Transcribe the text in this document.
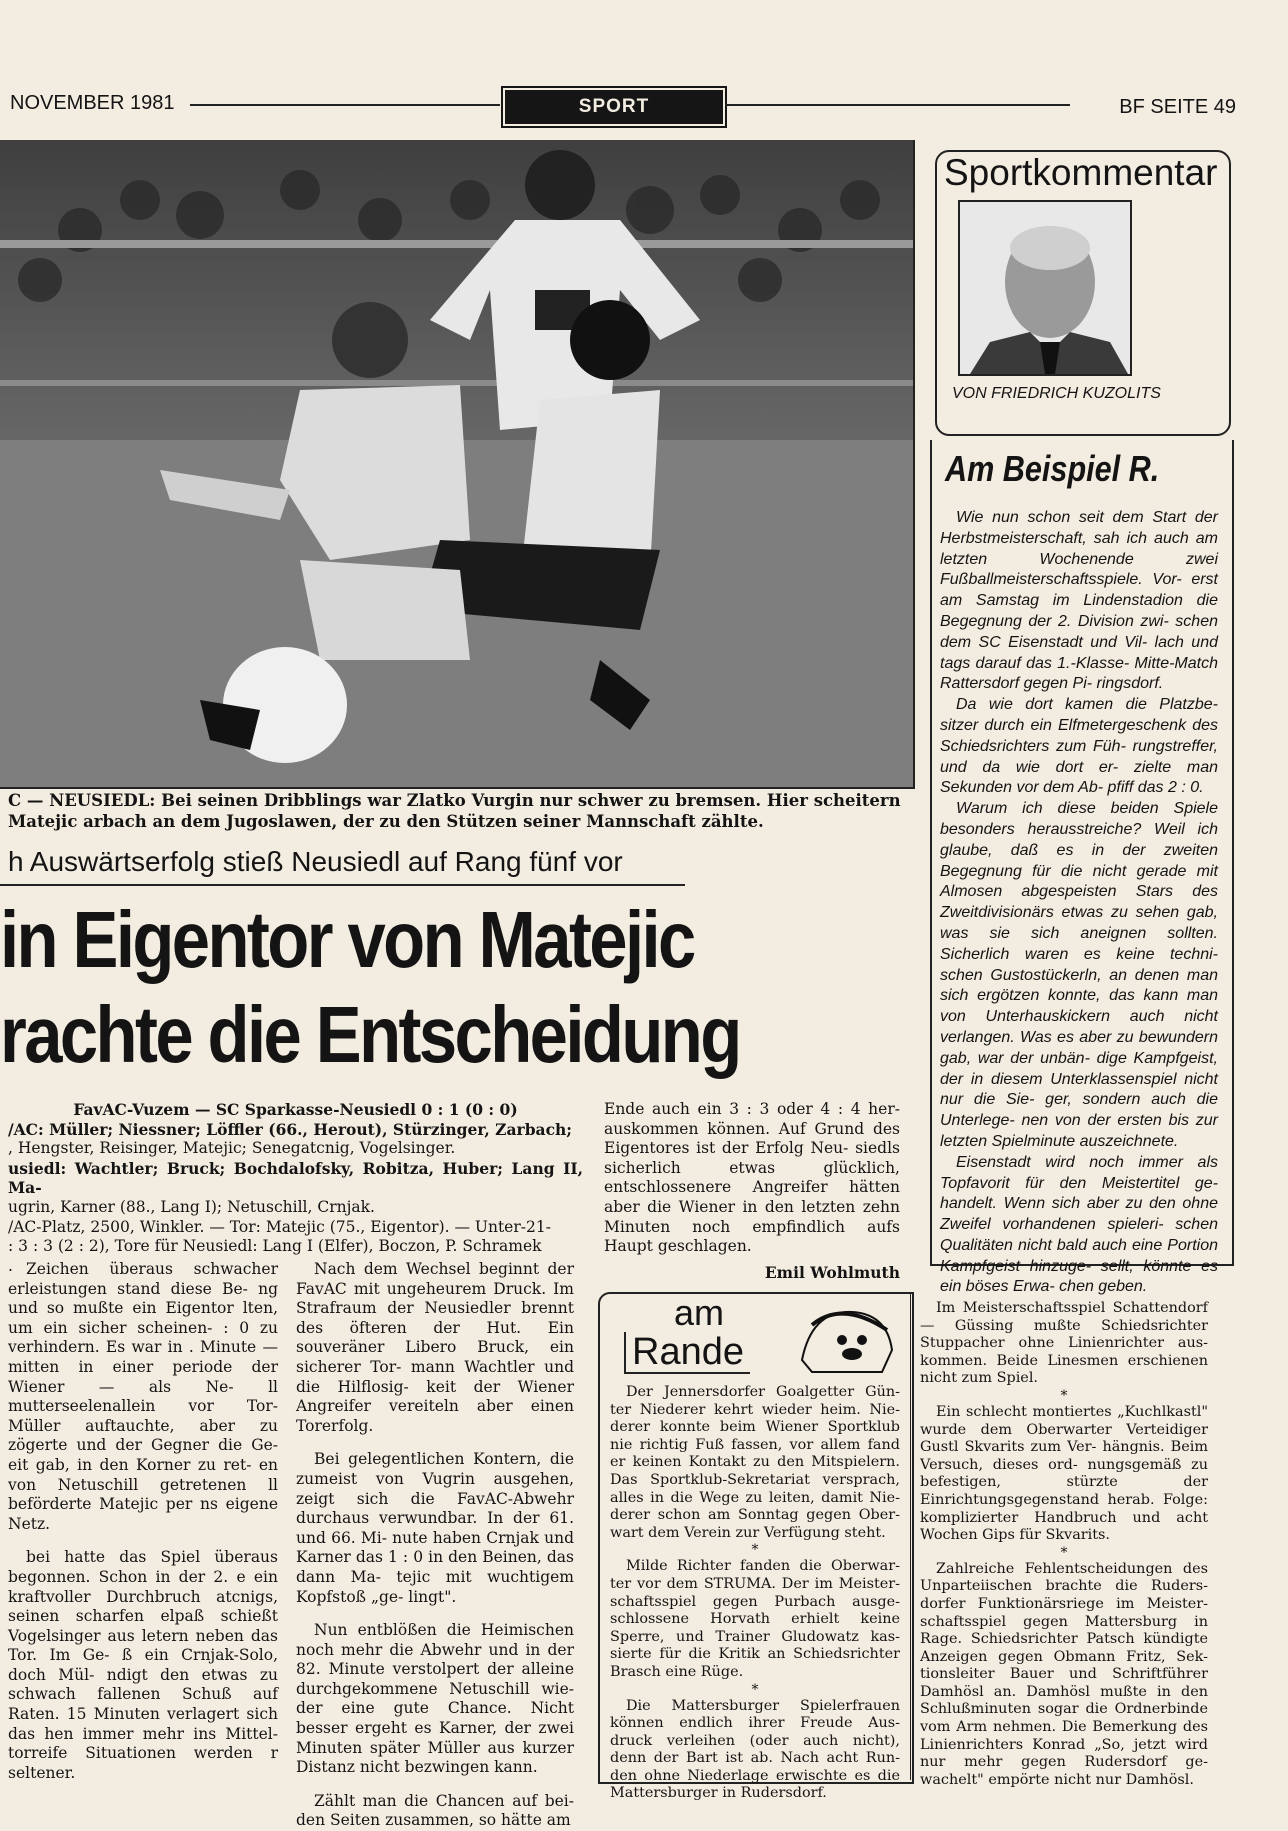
NOVEMBER 1981	SPORT	BF SEITE 49
C — NEUSIEDL: Bei seinen Dribblings war Zlatko Vurgin nur schwer zu bremsen. Hier scheitern Matejic arbach an dem Jugoslawen, der zu den Stützen seiner Mannschaft zählte.
h Auswärtserfolg stieß Neusiedl auf Rang fünf vor
in Eigentor von Matejic
rachte die Entscheidung
FavAC-Vuzem — SC Sparkasse-Neusiedl 0 : 1 (0 : 0)
/AC: Müller; Niessner; Löffler (66., Herout), Stürzinger, Zarbach;
, Hengster, Reisinger, Matejic; Senegatcnig, Vogelsinger.
usiedl: Wachtler; Bruck; Bochdalofsky, Robitza, Huber; Lang II, Ma-
ugrin, Karner (88., Lang I); Netuschill, Crnjak.
/AC-Platz, 2500, Winkler. — Tor: Matejic (75., Eigentor). — Unter-21-
: 3 : 3 (2 : 2), Tore für Neusiedl: Lang I (Elfer), Boczon, P. Schramek
. Zeichen überaus schwacher erleistungen stand diese Be- ng und so mußte ein Eigentor lten, um ein sicher scheinen- : 0 zu verhindern. Es war in . Minute — mitten in einer periode der Wiener — als Ne- ll mutterseelenallein vor Tor- Müller auftauchte, aber zu zögerte und der Gegner die Ge- eit gab, in den Korner zu ret- en von Netuschill getretenen ll beförderte Matejic per ns eigene Netz.

bei hatte das Spiel überaus begonnen. Schon in der 2. e ein kraftvoller Durchbruch atcnigs, seinen scharfen elpaß schießt Vogelsinger aus letern neben das Tor. Im Ge- ß ein Crnjak-Solo, doch Mül- ndigt den etwas zu schwach fallenen Schuß auf Raten. 15 Minuten verlagert sich das hen immer mehr ins Mittel- torreife Situationen werden r seltener.

Nach dem Wechsel beginnt der FavAC mit ungeheurem Druck. Im Strafraum der Neusiedler brennt des öfteren der Hut. Ein souveräner Libero Bruck, ein sicherer Tor- mann Wachtler und die Hilflosig- keit der Wiener Angreifer vereiteln aber einen Torerfolg.

Bei gelegentlichen Kontern, die zumeist von Vugrin ausgehen, zeigt sich die FavAC-Abwehr durchaus verwundbar. In der 61. und 66. Mi- nute haben Crnjak und Karner das 1 : 0 in den Beinen, das dann Ma- tejic mit wuchtigem Kopfstoß „ge- lingt".

Nun entblößen die Heimischen noch mehr die Abwehr und in der 82. Minute verstolpert der alleine durchgekommene Netuschill wie- der eine gute Chance. Nicht besser ergeht es Karner, der zwei Minuten später Müller aus kurzer Distanz nicht bezwingen kann.

Zählt man die Chancen auf bei- den Seiten zusammen, so hätte am

Ende auch ein 3 : 3 oder 4 : 4 her- auskommen können. Auf Grund des Eigentores ist der Erfolg Neu- siedls sicherlich etwas glücklich, entschlossenere Angreifer hätten aber die Wiener in den letzten zehn Minuten noch empfindlich aufs Haupt geschlagen.

Emil Wohlmuth
Sportkommentar
VON FRIEDRICH KUZOLITS
Am Beispiel R.

Wie nun schon seit dem Start der Herbstmeisterschaft, sah ich auch am letzten Wochenende zwei Fußballmeisterschaftsspiele. Vor- erst am Samstag im Lindenstadion die Begegnung der 2. Division zwi- schen dem SC Eisenstadt und Vil- lach und tags darauf das 1.-Klasse- Mitte-Match Rattersdorf gegen Pi- ringsdorf.

Da wie dort kamen die Platzbe- sitzer durch ein Elfmetergeschenk des Schiedsrichters zum Füh- rungstreffer, und da wie dort er- zielte man Sekunden vor dem Ab- pfiff das 2 : 0.

Warum ich diese beiden Spiele besonders herausstreiche? Weil ich glaube, daß es in der zweiten Begegnung für die nicht gerade mit Almosen abgespeisten Stars des Zweitdivisionärs etwas zu sehen gab, was sie sich aneignen sollten. Sicherlich waren es keine techni- schen Gustostückerln, an denen man sich ergötzen konnte, das kann man von Unterhauskickern auch nicht verlangen. Was es aber zu bewundern gab, war der unbän- dige Kampfgeist, der in diesem Unterklassenspiel nicht nur die Sie- ger, sondern auch die Unterlege- nen von der ersten bis zur letzten Spielminute auszeichnete.

Eisenstadt wird noch immer als Topfavorit für den Meistertitel ge- handelt. Wenn sich aber zu den ohne Zweifel vorhandenen spieleri- schen Qualitäten nicht bald auch eine Portion Kampfgeist hinzuge- sellt, könnte es ein böses Erwa- chen geben.

am
Rande

Der Jennersdorfer Goalgetter Gün- ter Niederer kehrt wieder heim. Nie- derer konnte beim Wiener Sportklub nie richtig Fuß fassen, vor allem fand er keinen Kontakt zu den Mitspielern. Das Sportklub-Sekretariat versprach, alles in die Wege zu leiten, damit Nie- derer schon am Sonntag gegen Ober- wart dem Verein zur Verfügung steht.

*

Milde Richter fanden die Oberwar- ter vor dem STRUMA. Der im Meister- schaftsspiel gegen Purbach ausge- schlossene Horvath erhielt keine Sperre, und Trainer Gludowatz kas- sierte für die Kritik an Schiedsrichter Brasch eine Rüge.

*

Die Mattersburger Spielerfrauen können endlich ihrer Freude Aus- druck verleihen (oder auch nicht), denn der Bart ist ab. Nach acht Run- den ohne Niederlage erwischte es die Mattersburger in Rudersdorf.

Im Meisterschaftsspiel Schattendorf — Güssing mußte Schiedsrichter Stuppacher ohne Linienrichter aus- kommen. Beide Linesmen erschienen nicht zum Spiel.

*

Ein schlecht montiertes „Kuchlkastl" wurde dem Oberwarter Verteidiger Gustl Skvarits zum Ver- hängnis. Beim Versuch, dieses ord- nungsgemäß zu befestigen, stürzte der Einrichtungsgegenstand herab. Folge: komplizierter Handbruch und acht Wochen Gips für Skvarits.

*

Zahlreiche Fehlentscheidungen des Unparteiischen brachte die Ruders- dorfer Funktionärsriege im Meister- schaftsspiel gegen Mattersburg in Rage. Schiedsrichter Patsch kündigte Anzeigen gegen Obmann Fritz, Sek- tionsleiter Bauer und Schriftführer Damhösl an. Damhösl mußte in den Schlußminuten sogar die Ordnerbinde vom Arm nehmen. Die Bemerkung des Linienrichters Konrad „So, jetzt wird nur mehr gegen Rudersdorf ge- wachelt" empörte nicht nur Damhösl.
